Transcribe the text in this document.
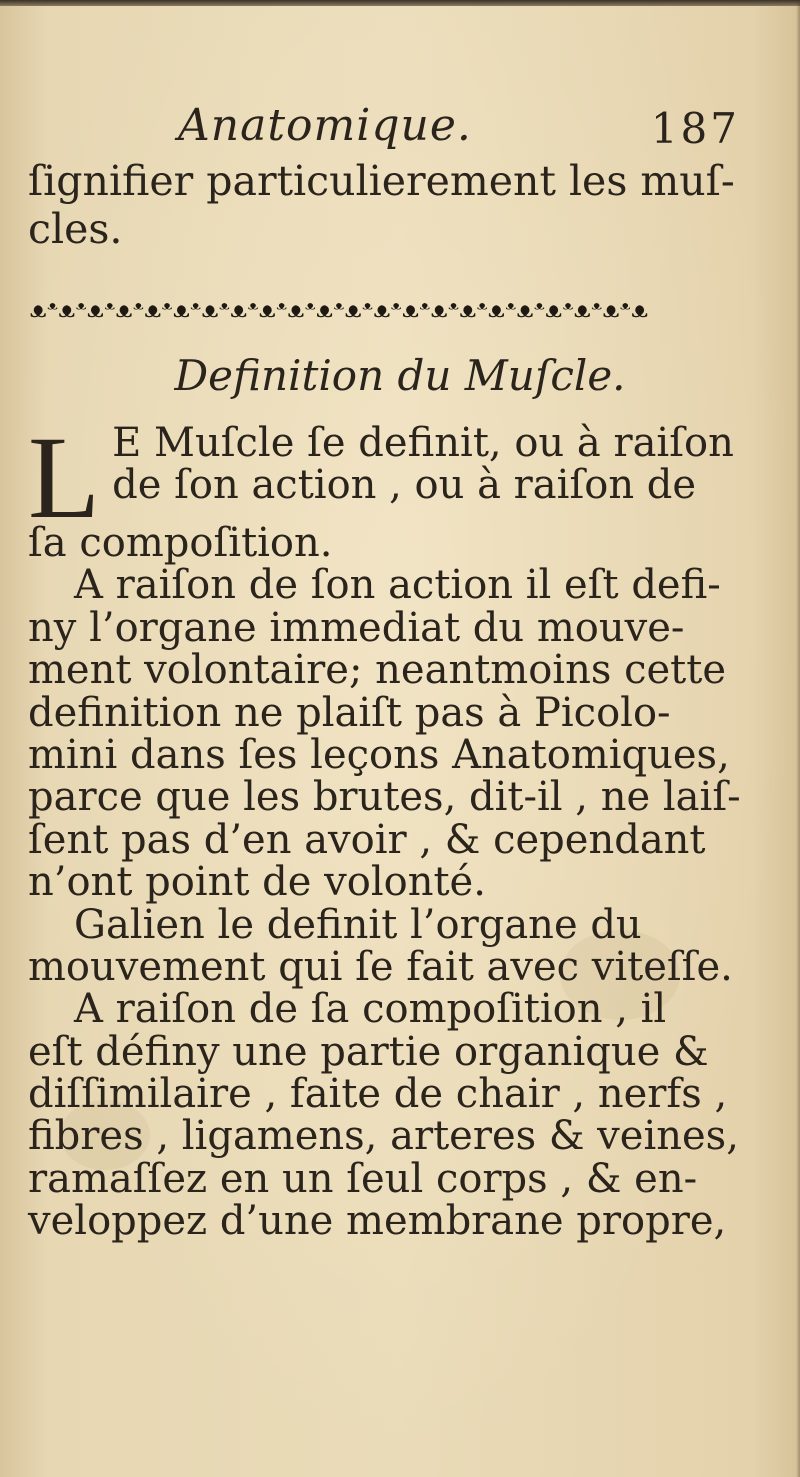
Anatomique.	187
ſignifier particulierement les muſ-
cles.
ᴥᵜᴥᵜᴥᵜᴥᵜᴥᵜᴥᵜᴥᵜᴥᵜᴥᵜᴥᵜᴥᵜᴥᵜᴥᵜᴥᵜᴥᵜᴥᵜᴥᵜᴥᵜᴥᵜᴥᵜᴥᵜᴥ
Definition du Muſcle.
L E Muſcle ſe definit, ou à raiſon
de ſon action , ou à raiſon de
ſa compoſition.
A raiſon de ſon action il eſt defi-
ny l’organe immediat du mouve-
ment volontaire; neantmoins cette
definition ne plaiſt pas à Picolo-
mini dans ſes leçons Anatomiques,
parce que les brutes, dit-il , ne laiſ-
ſent pas d’en avoir , & cependant
n’ont point de volonté.
Galien le definit l’organe du
mouvement qui ſe fait avec viteſſe.
A raiſon de ſa compoſition , il
eſt définy une partie organique &
diſſimilaire , faite de chair , nerfs ,
fibres , ligamens, arteres & veines,
ramaſſez en un ſeul corps , & en-
veloppez d’une membrane propre,
